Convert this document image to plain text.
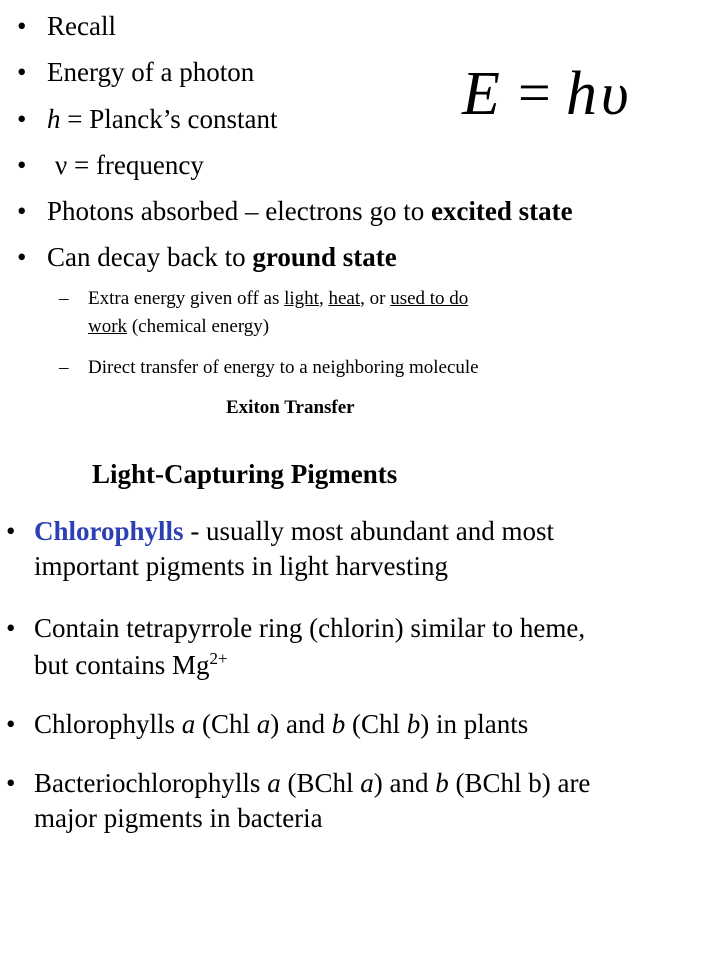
• Recall
• Energy of a photon
• h = Planck’s constant
• ν = frequency
• Photons absorbed – electrons go to excited state
• Can decay back to ground state
E = h υ
– Extra energy given off as light, heat, or used to do
work (chemical energy)
– Direct transfer of energy to a neighboring molecule
Exiton Transfer
Light-Capturing Pigments
• Chlorophylls - usually most abundant and most
important pigments in light harvesting
• Contain tetrapyrrole ring (chlorin) similar to heme,
but contains $Mg^{2+}$
• Chlorophylls a (Chl a) and b (Chl b) in plants
• Bacteriochlorophylls a (BChl a) and b (BChl b) are
major pigments in bacteria
